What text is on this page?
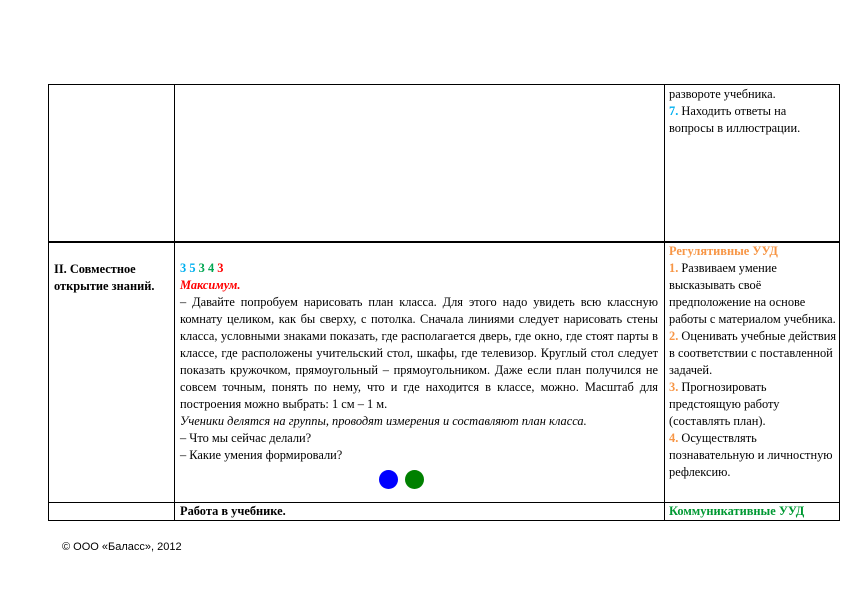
развороте учебника.
7. Находить ответы на
вопросы в иллюстрации.
II. Совместное открытие знаний.
3 5 3 4 3
Максимум.
– Давайте попробуем нарисовать план класса. Для этого надо увидеть всю классную комнату целиком, как бы сверху, с потолка. Сначала линиями следует нарисовать стены класса, условными знаками показать, где располагается дверь, где окно, где стоят парты в классе, где расположены учительский стол, шкафы, где телевизор. Круглый стол следует показать кружочком, прямоугольный – прямоугольником. Даже если план получился не совсем точным, понять по нему, что и где находится в классе, можно. Масштаб для построения можно выбрать: 1 см – 1 м.
Ученики делятся на группы, проводят измерения и составляют план класса.
– Что мы сейчас делали?
– Какие умения формировали?
Регулятивные УУД
1. Развиваем умение высказывать своё предположение на основе работы с материалом учебника.
2. Оценивать учебные действия в соответствии с поставленной задачей.
3. Прогнозировать предстоящую работу (составлять план).
4. Осуществлять познавательную и личностную рефлексию.
Работа в учебнике.	Коммуникативные УУД
© ООО «Баласс», 2012
